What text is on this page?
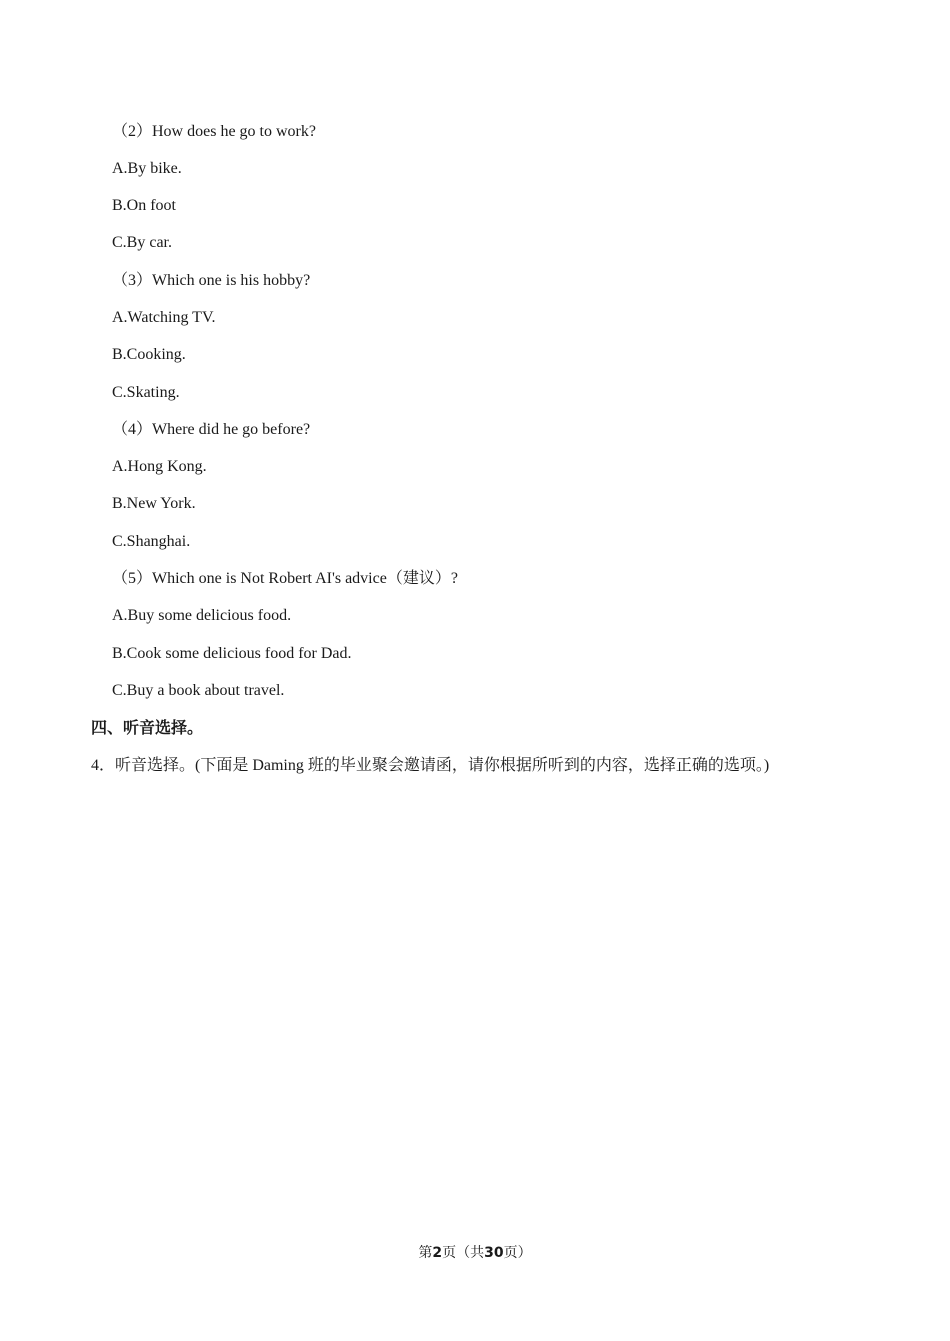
（2）How does he go to work?
A.By bike.
B.On foot
C.By car.
（3）Which one is his hobby?
A.Watching TV.
B.Cooking.
C.Skating.
（4）Where did he go before?
A.Hong Kong.
B.New York.
C.Shanghai.
（5）Which one is Not Robert AI's advice（建议）?
A.Buy some delicious food.
B.Cook some delicious food for Dad.
C.Buy a book about travel.
四、听音选择。
4．听音选择。(下面是 Daming 班的毕业聚会邀请函，请你根据所听到的内容，选择正确的选项。)
第2页（共30页）
